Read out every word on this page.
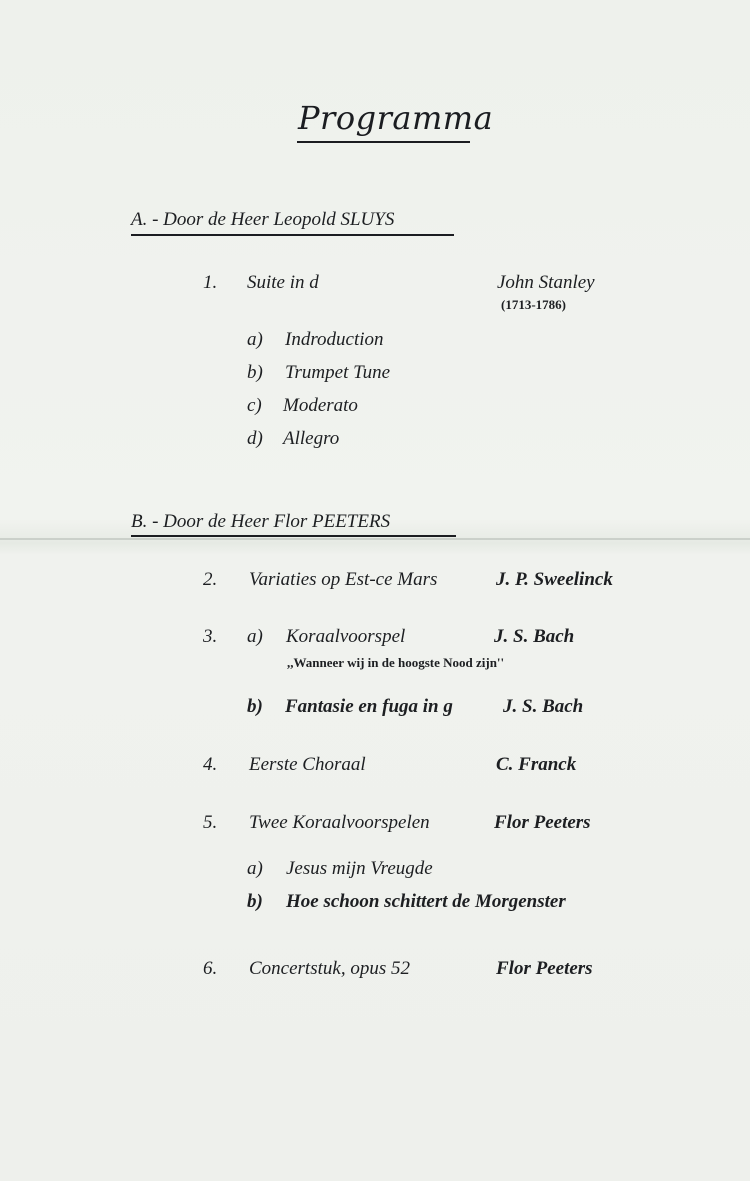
Programma
A. - Door de Heer Leopold SLUYS
1. Suite in d	John Stanley
(1713-1786)
a) Indroduction
b) Trumpet Tune
c) Moderato
d) Allegro
B. - Door de Heer Flor PEETERS
2. Variaties op Est-ce Mars	J. P. Sweelinck
3. a) Koraalvoorspel	J. S. Bach
,,Wanneer wij in de hoogste Nood zijn''
b) Fantasie en fuga in g	J. S. Bach
4. Eerste Choraal	C. Franck
5. Twee Koraalvoorspelen	Flor Peeters
a) Jesus mijn Vreugde
b) Hoe schoon schittert de Morgenster
6. Concertstuk, opus 52	Flor Peeters
